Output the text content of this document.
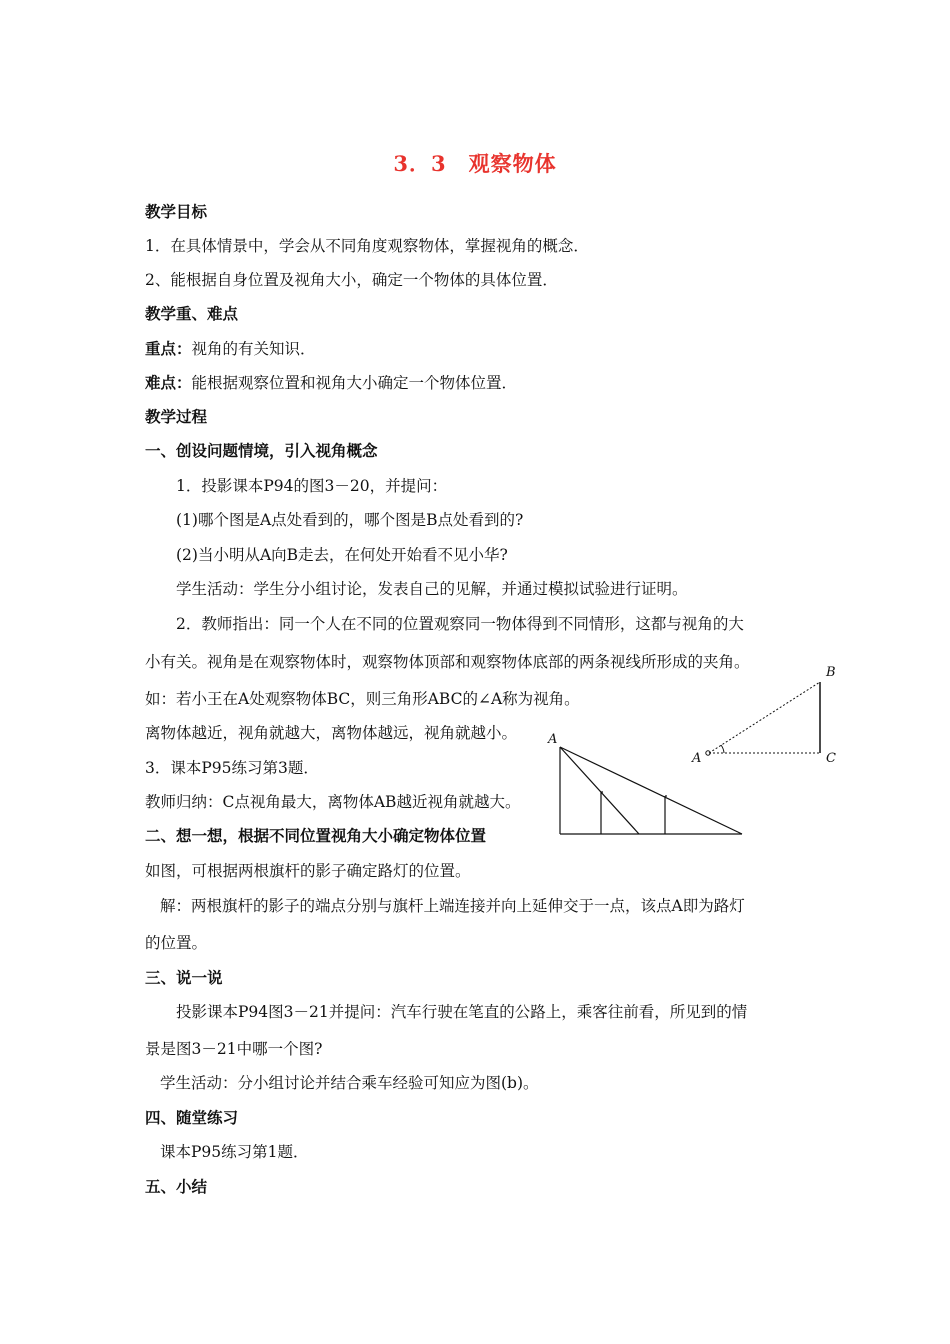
3．3　观察物体
教学目标
1．在具体情景中，学会从不同角度观察物体，掌握视角的概念．
2、能根据自身位置及视角大小，确定一个物体的具体位置．
教学重、难点
重点：视角的有关知识．
难点：能根据观察位置和视角大小确定一个物体位置．
教学过程
一、创设问题情境，引入视角概念
1．投影课本P94的图3－20，并提问：
(1)哪个图是A点处看到的，哪个图是B点处看到的?
(2)当小明从A向B走去，在何处开始看不见小华?
学生活动：学生分小组讨论，发表自己的见解，并通过模拟试验进行证明。
2．教师指出：同一个人在不同的位置观察同一物体得到不同情形，这都与视角的大
小有关。视角是在观察物体时，观察物体顶部和观察物体底部的两条视线所形成的夹角。
如：若小王在A处观察物体BC，则三角形ABC的∠A称为视角。
离物体越近，视角就越大，离物体越远，视角就越小。
3．课本P95练习第3题．
教师归纳：C点视角最大，离物体AB越近视角就越大。
二、想一想，根据不同位置视角大小确定物体位置
如图，可根据两根旗杆的影子确定路灯的位置。
解：两根旗杆的影子的端点分别与旗杆上端连接并向上延伸交于一点，该点A即为路灯
的位置。
三、说一说
投影课本P94图3－21并提问：汽车行驶在笔直的公路上，乘客往前看，所见到的情
景是图3－21中哪一个图?
学生活动：分小组讨论并结合乘车经验可知应为图(b)。
四、随堂练习
课本P95练习第1题．
五、小结
B
C
A
A
